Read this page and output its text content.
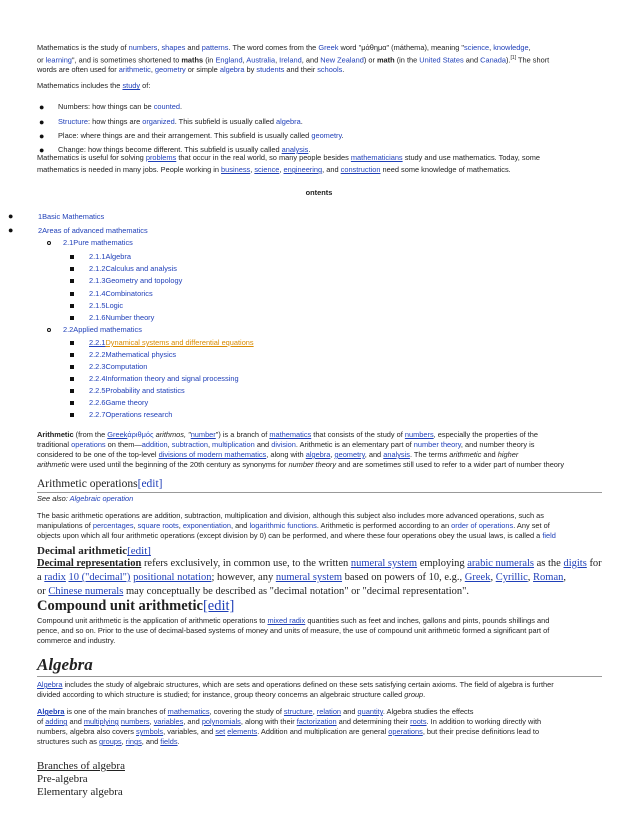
Mathematics is the study of numbers, shapes and patterns. The word comes from the Greek word "μάθημα" (máthema), meaning "science, knowledge,
or learning", and is sometimes shortened to maths (in England, Australia, Ireland, and New Zealand) or math (in the United States and Canada).[1] The short
words are often used for arithmetic, geometry or simple algebra by students and their schools.
Mathematics includes the study of:
● Numbers: how things can be counted.
● Structure: how things are organized. This subfield is usually called algebra.
● Place: where things are and their arrangement. This subfield is usually called geometry.
● Change: how things become different. This subfield is usually called analysis.
Mathematics is useful for solving problems that occur in the real world, so many people besides mathematicians study and use mathematics. Today, some
mathematics is needed in many jobs. People working in business, science, engineering, and construction need some knowledge of mathematics.
ontents
●	1Basic Mathematics
●	2Areas of advanced mathematics
2.1Pure mathematics
2.1.1Algebra
2.1.2Calculus and analysis
2.1.3Geometry and topology
2.1.4Combinatorics
2.1.5Logic
2.1.6Number theory
2.2Applied mathematics
2.2.1Dynamical systems and differential equations
2.2.2Mathematical physics
2.2.3Computation
2.2.4Information theory and signal processing
2.2.5Probability and statistics
2.2.6Game theory
2.2.7Operations research
Arithmetic (from the Greekἀριθμός arithmos, "number") is a branch of mathematics that consists of the study of numbers, especially the properties of the
traditional operations on them—addition, subtraction, multiplication and division. Arithmetic is an elementary part of number theory, and number theory is
considered to be one of the top-level divisions of modern mathematics, along with algebra, geometry, and analysis. The terms arithmetic and higher
arithmetic were used until the beginning of the 20th century as synonyms for number theory and are sometimes still used to refer to a wider part of number theory
Arithmetic operations[edit]
See also: Algebraic operation
The basic arithmetic operations are addition, subtraction, multiplication and division, although this subject also includes more advanced operations, such as
manipulations of percentages, square roots, exponentiation, and logarithmic functions. Arithmetic is performed according to an order of operations. Any set of
objects upon which all four arithmetic operations (except division by 0) can be performed, and where these four operations obey the usual laws, is called a field
Decimal arithmetic[edit]
Decimal representation refers exclusively, in common use, to the written numeral system employing arabic numerals as the digits for
a radix 10 ("decimal") positional notation; however, any numeral system based on powers of 10, e.g., Greek, Cyrillic, Roman,
or Chinese numerals may conceptually be described as "decimal notation" or "decimal representation".
Compound unit arithmetic[edit]
Compound unit arithmetic is the application of arithmetic operations to mixed radix quantities such as feet and inches, gallons and pints, pounds shillings and
pence, and so on. Prior to the use of decimal-based systems of money and units of measure, the use of compound unit arithmetic formed a significant part of
commerce and industry.
Algebra
Algebra includes the study of algebraic structures, which are sets and operations defined on these sets satisfying certain axioms. The field of algebra is further
divided according to which structure is studied; for instance, group theory concerns an algebraic structure called group.
Algebra is one of the main branches of mathematics, covering the study of structure, relation and quantity. Algebra studies the effects
of adding and multiplying numbers, variables, and polynomials, along with their factorization and determining their roots. In addition to working directly with
numbers, algebra also covers symbols, variables, and set elements. Addition and multiplication are general operations, but their precise definitions lead to
structures such as groups, rings, and fields.
Branches of algebra
Pre-algebra
Elementary algebra
